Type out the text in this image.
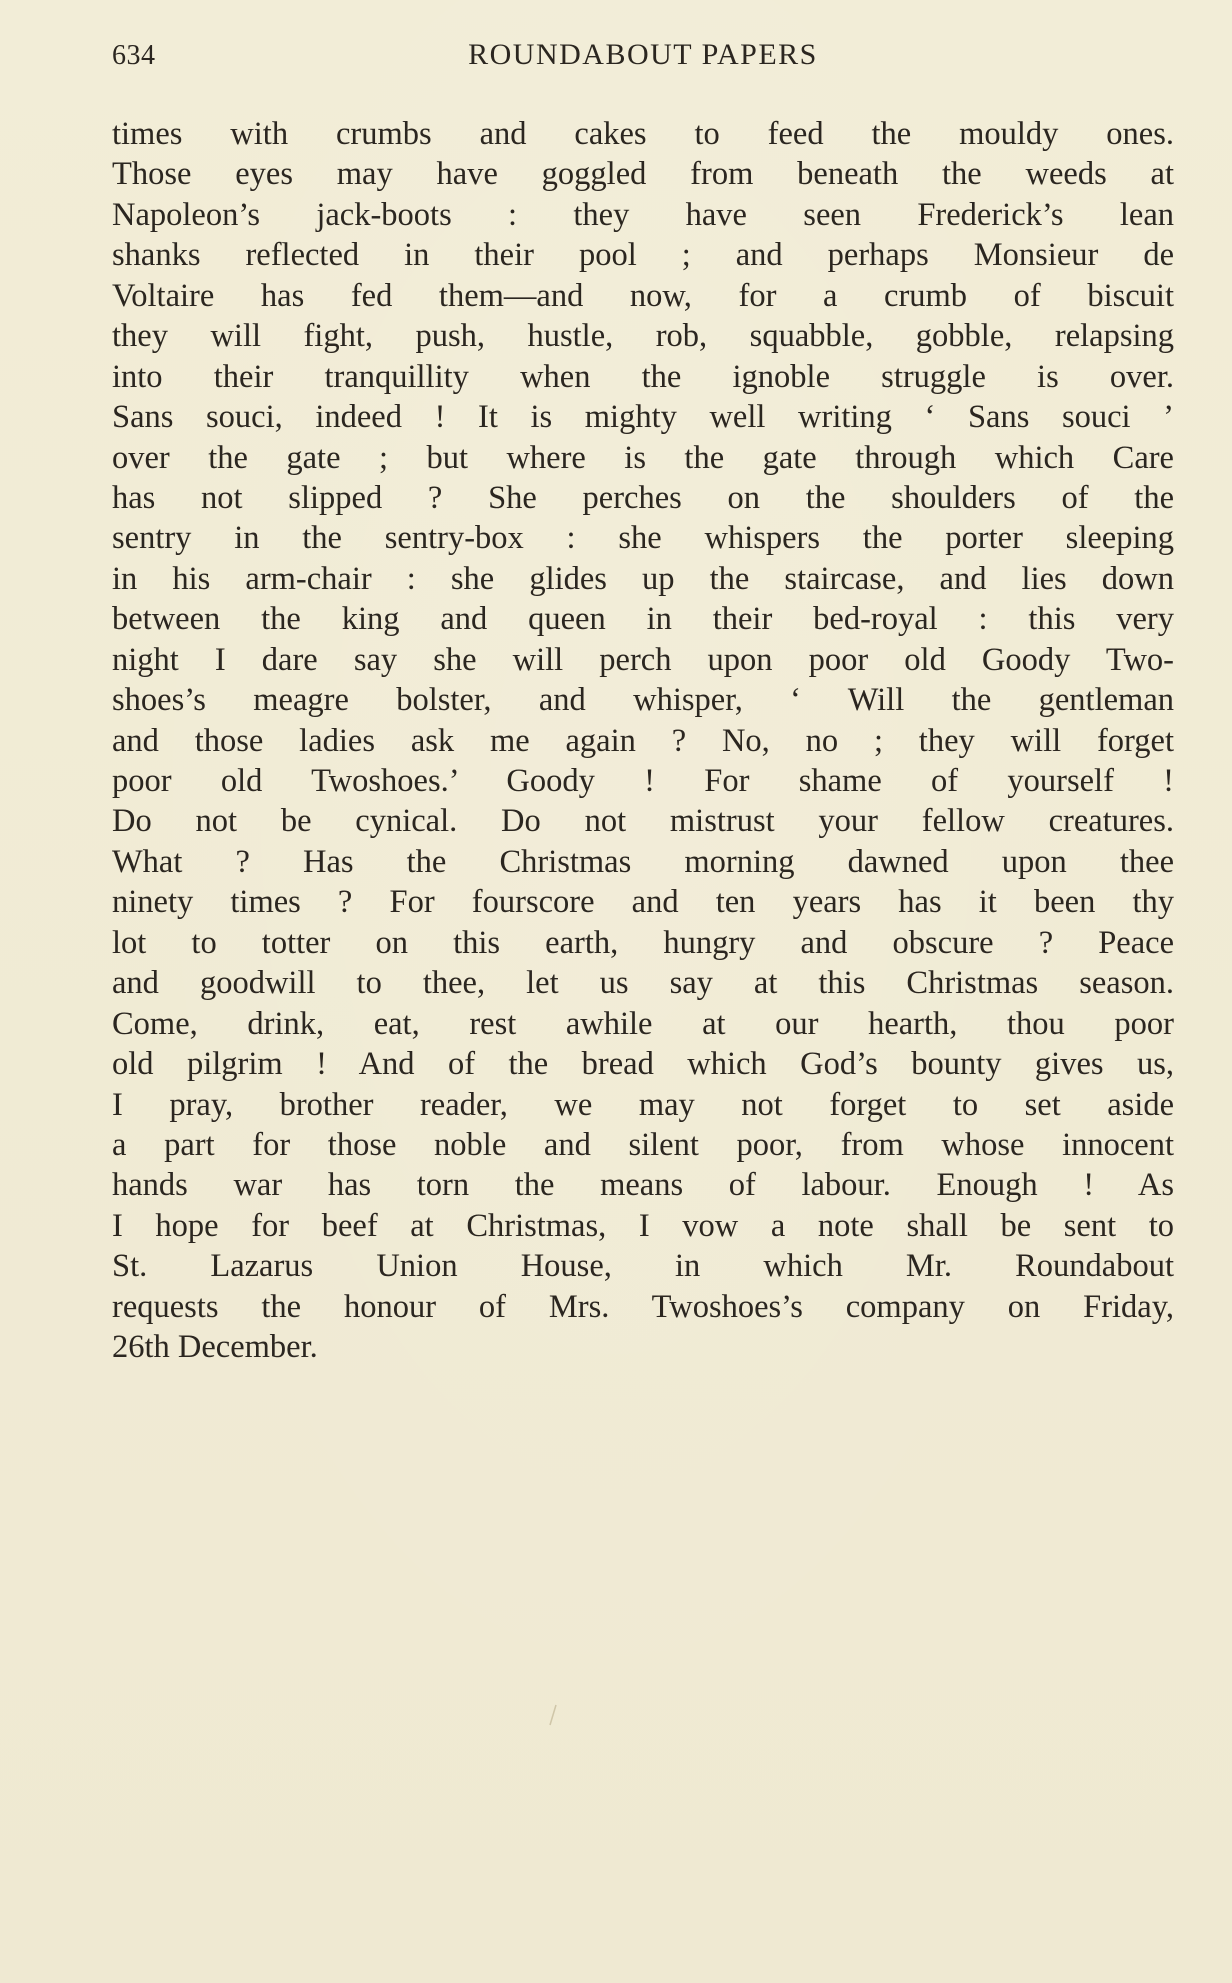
634	ROUNDABOUT PAPERS
times with crumbs and cakes to feed the mouldy ones.
Those eyes may have goggled from beneath the weeds at
Napoleon’s jack-boots : they have seen Frederick’s lean
shanks reflected in their pool ; and perhaps Monsieur de
Voltaire has fed them—and now, for a crumb of biscuit
they will fight, push, hustle, rob, squabble, gobble, relapsing
into their tranquillity when the ignoble struggle is over.
Sans souci, indeed ! It is mighty well writing ‘ Sans souci ’
over the gate ; but where is the gate through which Care
has not slipped ? She perches on the shoulders of the
sentry in the sentry-box : she whispers the porter sleeping
in his arm-chair : she glides up the staircase, and lies down
between the king and queen in their bed-royal : this very
night I dare say she will perch upon poor old Goody Two-
shoes’s meagre bolster, and whisper, ‘ Will the gentleman
and those ladies ask me again ? No, no ; they will forget
poor old Twoshoes.’ Goody ! For shame of yourself !
Do not be cynical. Do not mistrust your fellow creatures.
What ? Has the Christmas morning dawned upon thee
ninety times ? For fourscore and ten years has it been thy
lot to totter on this earth, hungry and obscure ? Peace
and goodwill to thee, let us say at this Christmas season.
Come, drink, eat, rest awhile at our hearth, thou poor
old pilgrim ! And of the bread which God’s bounty gives us,
I pray, brother reader, we may not forget to set aside
a part for those noble and silent poor, from whose innocent
hands war has torn the means of labour. Enough ! As
I hope for beef at Christmas, I vow a note shall be sent to
St. Lazarus Union House, in which Mr. Roundabout
requests the honour of Mrs. Twoshoes’s company on Friday,
26th December.
